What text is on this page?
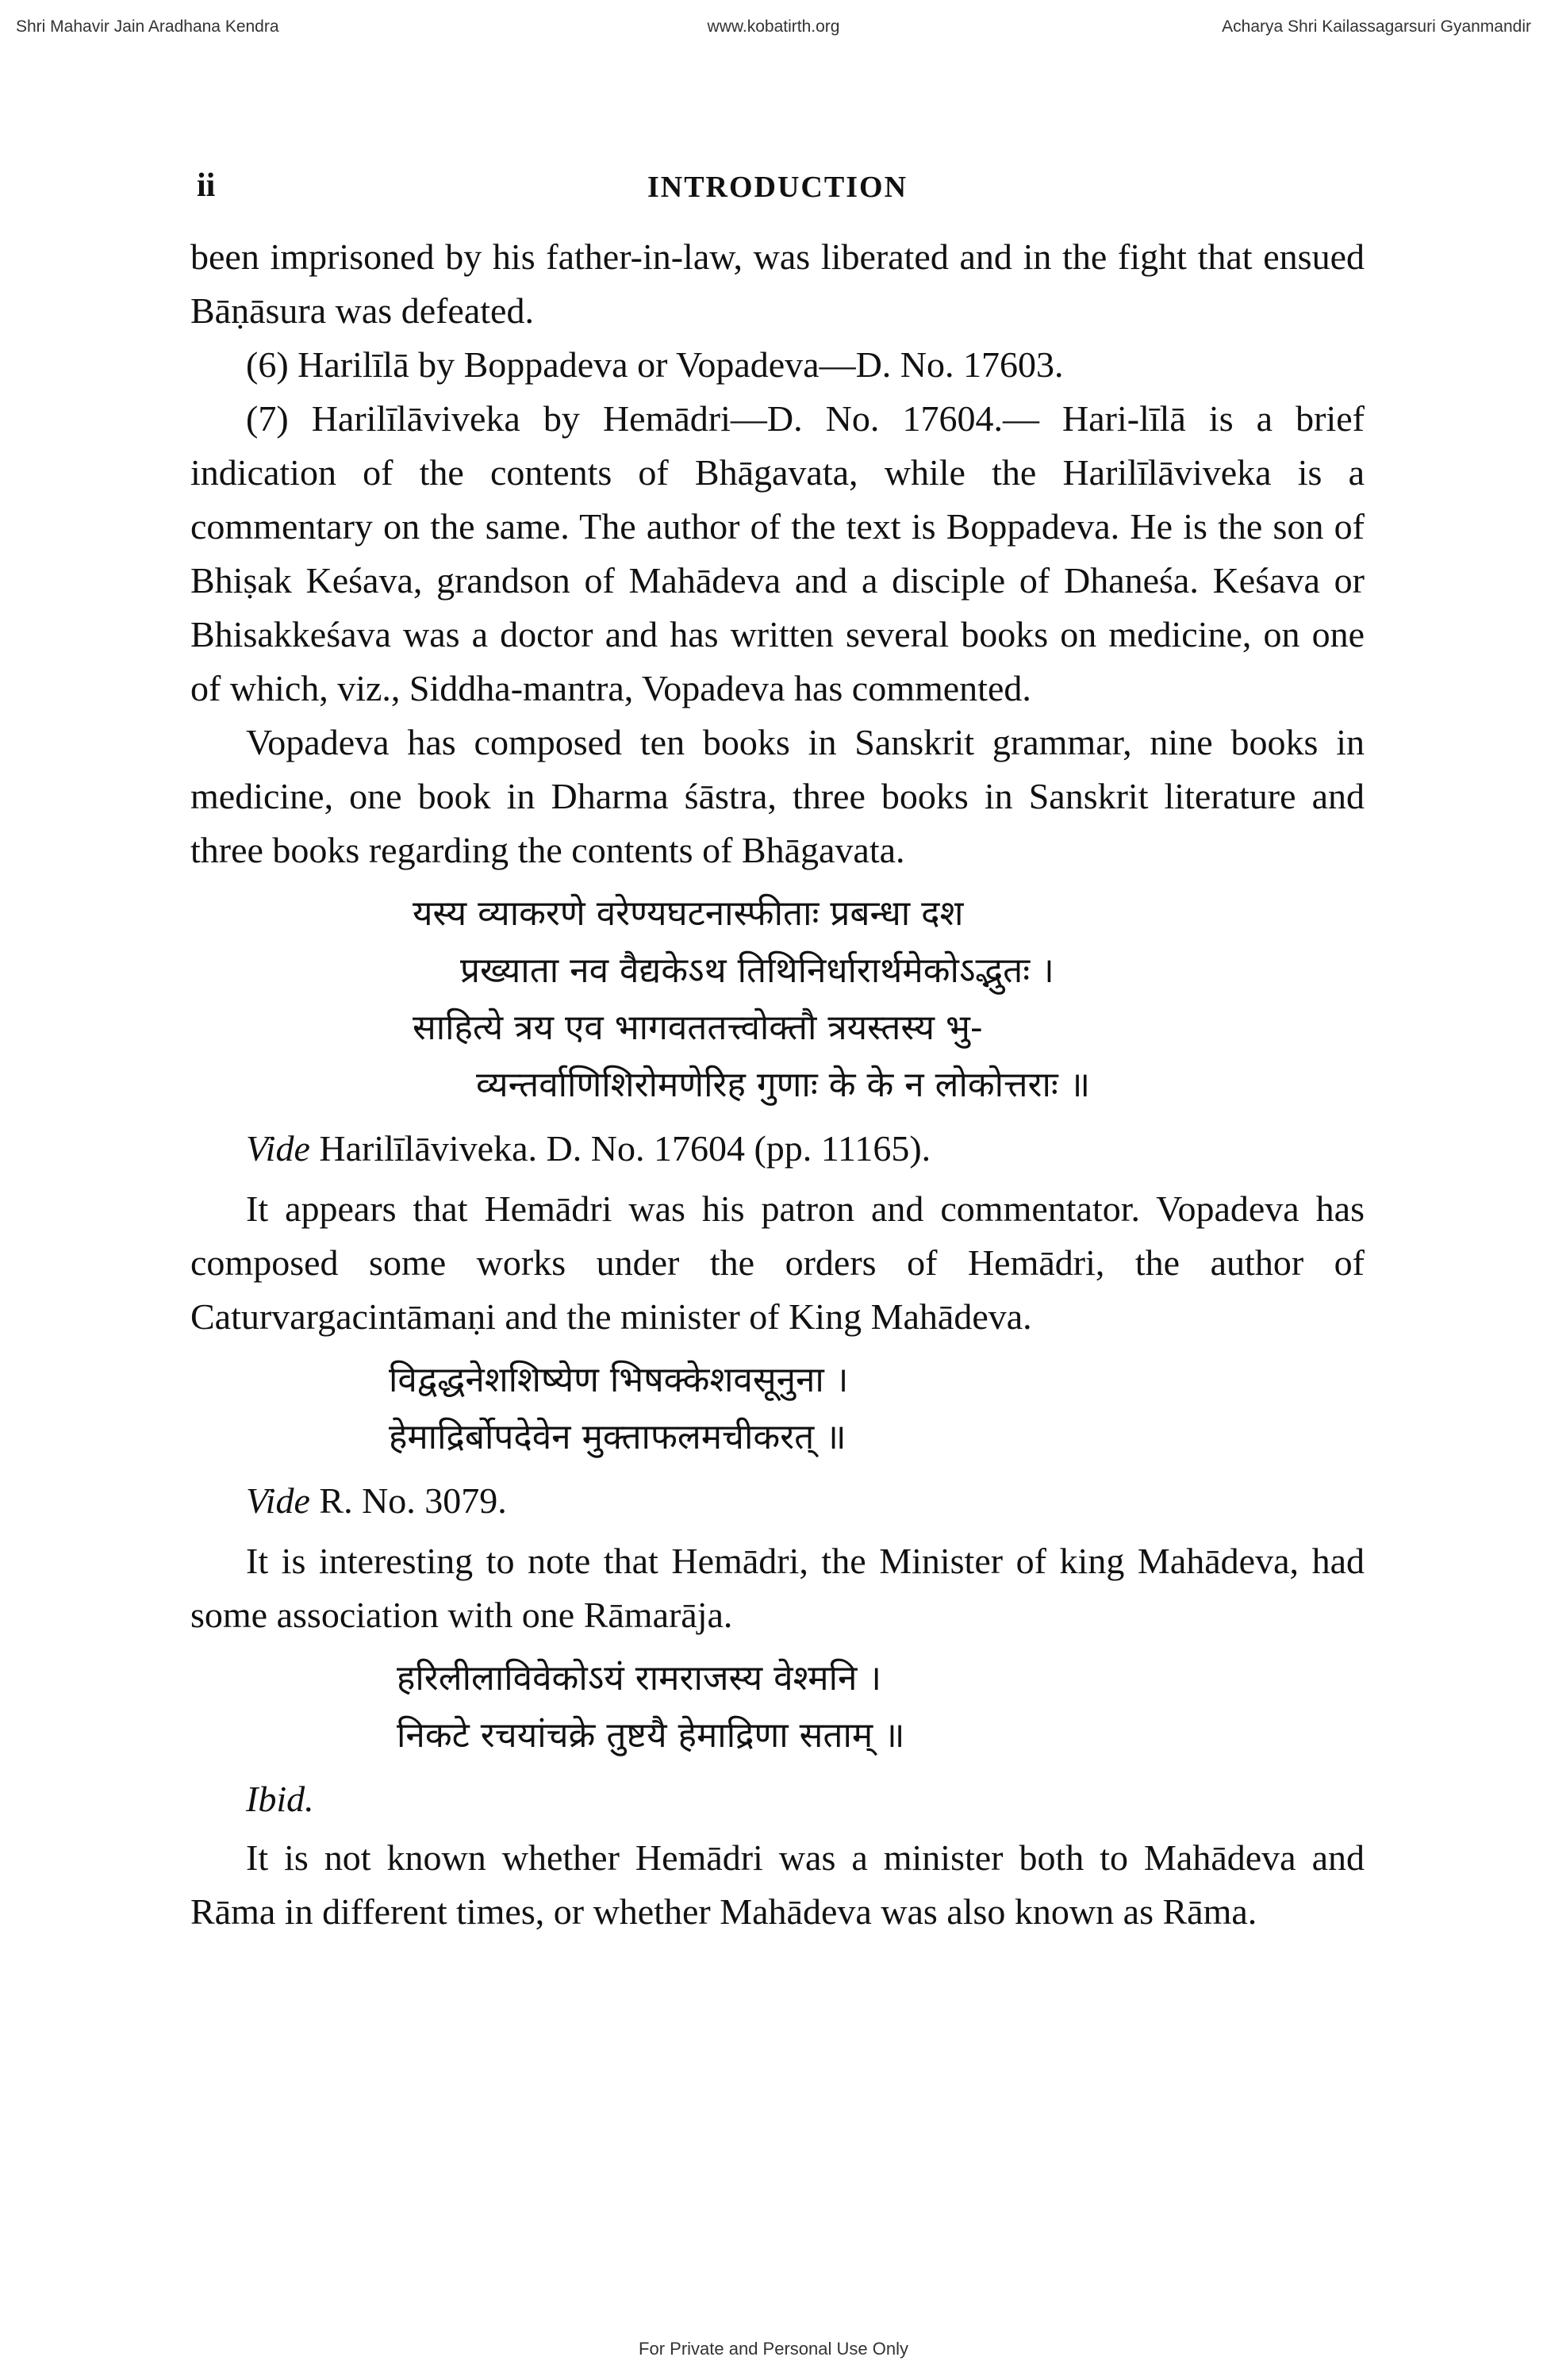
Shri Mahavir Jain Aradhana Kendra	www.kobatirth.org	Acharya Shri Kailassagarsuri Gyanmandir
ii	INTRODUCTION

been imprisoned by his father-in-law, was liberated and in the fight that ensued Bāṇāsura was defeated.

(6) Harilīlā by Boppadeva or Vopadeva—D. No. 17603.

(7) Harilīlāviveka by Hemādri—D. No. 17604.— Hari-līlā is a brief indication of the contents of Bhāgavata, while the Harilīlāviveka is a commentary on the same. The author of the text is Boppadeva. He is the son of Bhiṣak Keśava, grandson of Mahādeva and a disciple of Dhaneśa. Keśava or Bhisakkeśava was a doctor and has written several books on medicine, on one of which, viz., Siddha-mantra, Vopadeva has commented.

Vopadeva has composed ten books in Sanskrit grammar, nine books in medicine, one book in Dharma śāstra, three books in Sanskrit literature and three books regarding the contents of Bhāgavata.

यस्य व्याकरणे वरेण्यघटनास्फीताः प्रबन्धा दश
प्रख्याता नव वैद्यकेऽथ तिथिनिर्धारार्थमेकोऽद्भुतः ।
साहित्ये त्रय एव भागवततत्त्वोक्तौ त्रयस्तस्य भु-
व्यन्तर्वाणिशिरोमणेरिह गुणाः के के न लोकोत्तराः ॥
Vide Harilīlāviveka. D. No. 17604 (pp. 11165).

It appears that Hemādri was his patron and commentator. Vopadeva has composed some works under the orders of Hemādri, the author of Caturvargacintāmaṇi and the minister of King Mahādeva.

विद्वद्धनेशशिष्येण भिषक्केशवसूनुना ।
हेमाद्रिर्बोपदेवेन मुक्ताफलमचीकरत् ॥
Vide R. No. 3079.

It is interesting to note that Hemādri, the Minister of king Mahādeva, had some association with one Rāmarāja.

हरिलीलाविवेकोऽयं रामराजस्य वेश्मनि ।
निकटे रचयांचक्रे तुष्टयै हेमाद्रिणा सताम् ॥
Ibid.

It is not known whether Hemādri was a minister both to Mahādeva and Rāma in different times, or whether Mahādeva was also known as Rāma.

For Private and Personal Use Only
